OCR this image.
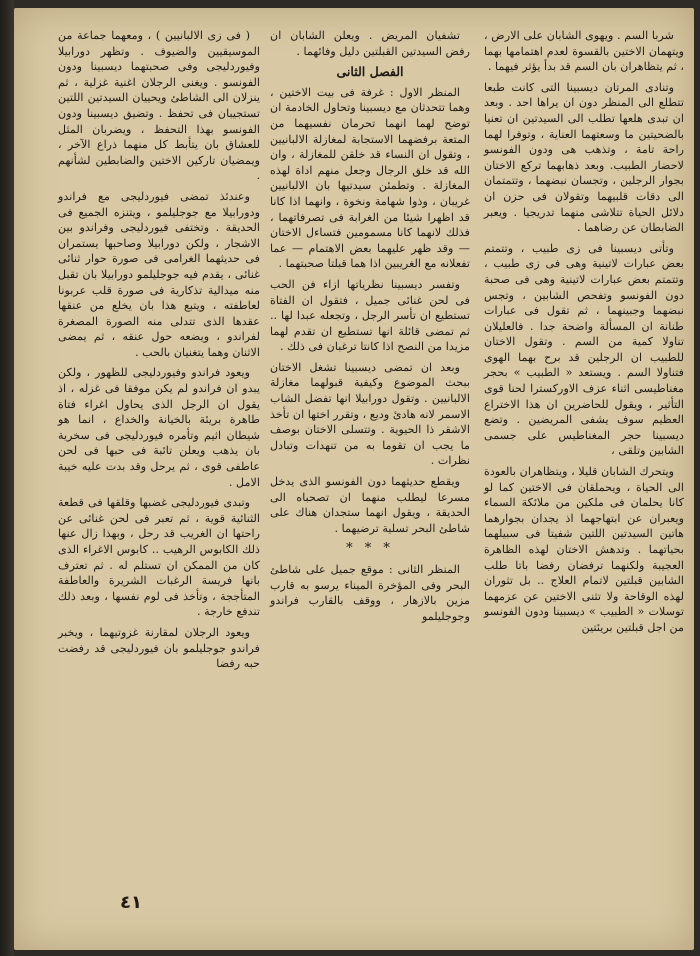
شربا السم . ويهوى الشابان على الارض ، ويتهمان الاختين بالقسوة لعدم اهتمامها بهما ، ثم يتظاهران بان السم قد بدأ يؤثر فيهما .

وتنادى المرتان ديسبينا التى كانت طبعا تتطلع الى المنظر دون ان يراها احد . وبعد ان تبدى هلعها تطلب الى السيدتين ان تعنيا بالضحيتين ما وسعتهما العناية ، وتوفرا لهما راحة تامة ، وتذهب هى ودون الفونسو لاحضار الطبيب. وبعد ذهابهما تركع الاختان بجوار الرجلين ، وتجسان نبضهما ، وتتمتمان الى دقات قلبيهما وتقولان فى حزن ان دلائل الحياة تتلاشى منهما تدريجيا . ويعبر الضابطان عن رضاهما .

وتأتى ديسبينا فى زى طبيب ، وتتمتم بعض عبارات لاتينية وهى فى زى طبيب ، وتتمتم بعض عبارات لاتينية وهى فى صحبة دون الفونسو وتفحص الشابين ، وتجس نبضهما وجبينهما ، ثم تقول فى عبارات طنانة ان المسألة واضحة جدا . فالعليلان تناولا كمية من السم . وتقول الاختان للطبيب ان الرجلين قد برح بهما الهوى فتناولا السم . ويستعد « الطبيب » بحجر مغناطيسى اثناء عزف الاوركسترا لحنا قوى التأثير ، ويقول للحاضرين ان هذا الاختراع العظيم سوف يشفى المريضين . وتضع ديسبينا حجر المغناطيس على جسمى الشابين وتلقى ،

ويتحرك الشابان قليلا ، ويتظاهران بالعودة الى الحياة ، ويحملقان فى الاختين كما لو كانا يحلمان فى ملكين من ملائكة السماء ويعبران عن ابتهاجهما اذ يجدان بجوارهما هاتين السيدتين اللتين شفيتا فى سبيلهما بحياتهما . وتدهش الاختان لهذه الظاهرة العجيبة ولكنهما ترفضان رفضا باتا طلب الشابين قبلتين لاتمام العلاج .. بل تثوران لهذه الوقاحة ولا تثنى الاختين عن عزمهما توسلات « الطبيب » ديسبينا ودون الفونسو من اجل قبلتين بريئتين

تشفيان المريض . ويعلن الشابان ان رفض السيدتين القبلتين دليل وفائهما .

الفصل الثانى

المنظر الاول : غرفة فى بيت الاختين ، وهما تتحدثان مع ديسبينا وتحاول الخادمة ان توضح لهما انهما تحرمان نفسيهما من المتعة برفضهما الاستجابة لمغازلة الالبانيين ، وتقول ان النساء قد خلقن للمغازلة ، وان الله قد خلق الرجال وجعل منهم اداة لهذه المغازلة . وتطمئن سيدتيها بان الالبانيين غريبان ، وذوا شهامة ونخوة ، وانهما اذا كانا قد اظهرا شيئا من الغرابة فى تصرفاتهما ، فذلك لانهما كانا مسمومين فتساءل الاختان — وقد ظهر عليهما بعض الاهتمام — عما تفعلانه مع الغريبين اذا هما قبلتا صحبتهما .

وتفسر ديسبينا نظرياتها ازاء فن الحب فى لحن غنائى جميل ، فتقول ان الفتاة تستطيع ان تأسر الرجل ، وتجعله عبدا لها .. ثم تمضى قائلة انها تستطيع ان تقدم لهما مزيدا من النصح اذا كانتا ترغبان فى ذلك .

وبعد ان تمضى ديسبينا تشغل الاختان ببحث الموضوع وكيفية قبولهما مغازلة الالبانيين . وتقول دورابيلا انها تفضل الشاب الاسمر لانه هادئ وديع ، وتقرر اختها ان تأخذ الاشقر ذا الحيوية . وتتسلى الاختان بوصف ما يجب ان تقوما به من تنهدات وتبادل نظرات .

ويقطع حديثهما دون الفونسو الذى يدخل مسرعا ليطلب منهما ان تصحباه الى الحديقة ، ويقول انهما ستجدان هناك على شاطئ البحر تسلية ترضيهما .

* * *

المنظر الثانى : موقع جميل على شاطئ البحر وفى المؤخرة الميناء يرسو به قارب مزين بالازهار ، ووقف بالقارب فراندو وجوجليلمو

( فى زى الالبانيين ) ، ومعهما جماعة من الموسيقيين والضيوف . وتظهر دورابيلا وفيوردليجى وفى صحبتهما ديسبينا ودون الفونسو . ويغنى الرجلان اغنية غزلية ، ثم ينزلان الى الشاطئ ويحييان السيدتين اللتين تستجيبان فى تحفظ . وتضيق ديسبينا ودون الفونسو بهذا التحفظ ، ويضربان المثل للعشاق بان يتأبط كل منهما ذراع الآخر ، ويمضيان تاركين الاختين والضابطين لشأنهم .

وعندئذ تمضى فيوردليجى مع فراندو ودورابيلا مع جوجليلمو ، ويتنزه الجميع فى الحديقة . وتختفى فيوردليجى وفراندو بين الاشجار ، ولكن دورابيلا وصاحبها يستمران فى حديثهما الغرامى فى صورة حوار ثنائى غنائى ، يقدم فيه جوجليلمو دورابيلا بان تقبل منه ميدالية تذكارية فى صورة قلب عربونا لعاطفته ، ويتبع هذا بان يخلع من عنقها عقدها الذى تتدلى منه الصورة المصغرة لفراندو ، ويضعه حول عنقه ، ثم يمضى الاثنان وهما يتغنيان بالحب .

ويعود فراندو وفيوردليجى للظهور ، ولكن يبدو ان فراندو لم يكن موفقا فى غزله ، اذ يقول ان الرجل الذى يحاول اغراء فتاة طاهرة بريئة بالخيانة والخداع ، انما هو شيطان اثيم وتأمره فيوردليجى فى سخرية بان يذهب ويعلن تائبة فى حبها فى لحن عاطفى قوى ، ثم يرحل وقد بدت عليه خيبة الامل .

وتبدى فيوردليجى غضبها وقلقها فى قطعة الثنائية قوية ، ثم تعبر فى لحن غنائى عن راحتها ان الغريب قد رحل ، وبهذا زال عنها ذلك الكابوس الرهيب .. كابوس الاغراء الذى كان من الممكن ان تستلم له . ثم تعترف بانها فريسة الرغبات الشريرة والعاطفة المتأججة ، وتأخذ فى لوم نفسها ، وبعد ذلك تندفع خارجة .

ويعود الرجلان لمقارنة غزوتيهما ، ويخبر فراندو جوجليلمو بان فيوردليجى قد رفضت حبه رفضا

٤١
